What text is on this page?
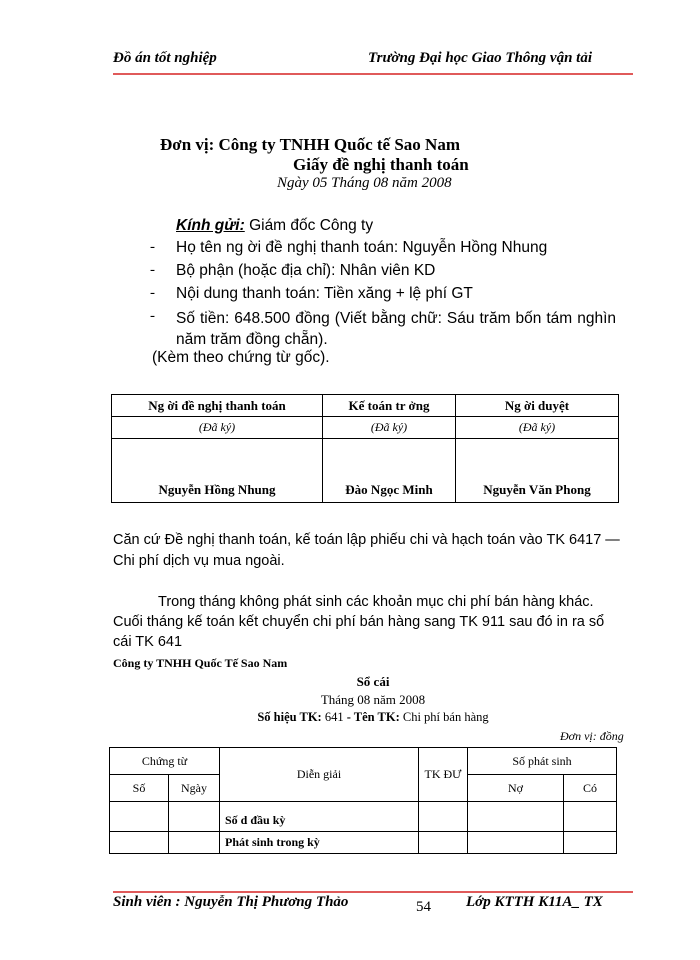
Đồ án tốt nghiệp	Trường Đại học Giao Thông vận tải
Đơn vị: Công ty TNHH Quốc tế Sao Nam
Giấy đề nghị thanh toán
Ngày 05 Tháng 08 năm 2008
Kính gửi: Giám đốc Công ty
- Họ tên ng ời đề nghị thanh toán: Nguyễn Hồng Nhung
- Bộ phận (hoặc địa chỉ): Nhân viên KD
- Nội dung thanh toán: Tiền xăng + lệ phí GT
- Số tiền: 648.500 đồng (Viết bằng chữ: Sáu trăm bốn tám nghìn năm trăm đồng chẵn).
(Kèm theo chứng từ gốc).
Ng ời đề nghị thanh toán	Kế toán tr ởng	Ng ời duyệt
(Đã ký)	(Đã ký)	(Đã ký)
Nguyễn Hồng Nhung	Đào Ngọc Minh	Nguyễn Văn Phong
Căn cứ Đề nghị thanh toán, kế toán lập phiếu chi và hạch toán vào TK 6417 — Chi phí dịch vụ mua ngoài.
Trong tháng không phát sinh các khoản mục chi phí bán hàng khác. Cuối tháng kế toán kết chuyển chi phí bán hàng sang TK 911 sau đó in ra sổ cái TK 641
Công ty TNHH Quốc Tế Sao Nam
Sổ cái
Tháng 08 năm 2008
Số hiệu TK: 641 - Tên TK: Chi phí bán hàng
Đơn vị: đồng
Chứng từ		Diễn giải	TK ĐƯ	Số phát sinh	
Số	Ngày			Nợ	Có
		Số d đầu kỳ			
		Phát sinh trong kỳ			
Sinh viên : Nguyễn Thị Phương Thảo	54 Lớp KTTH K11A_ TX
